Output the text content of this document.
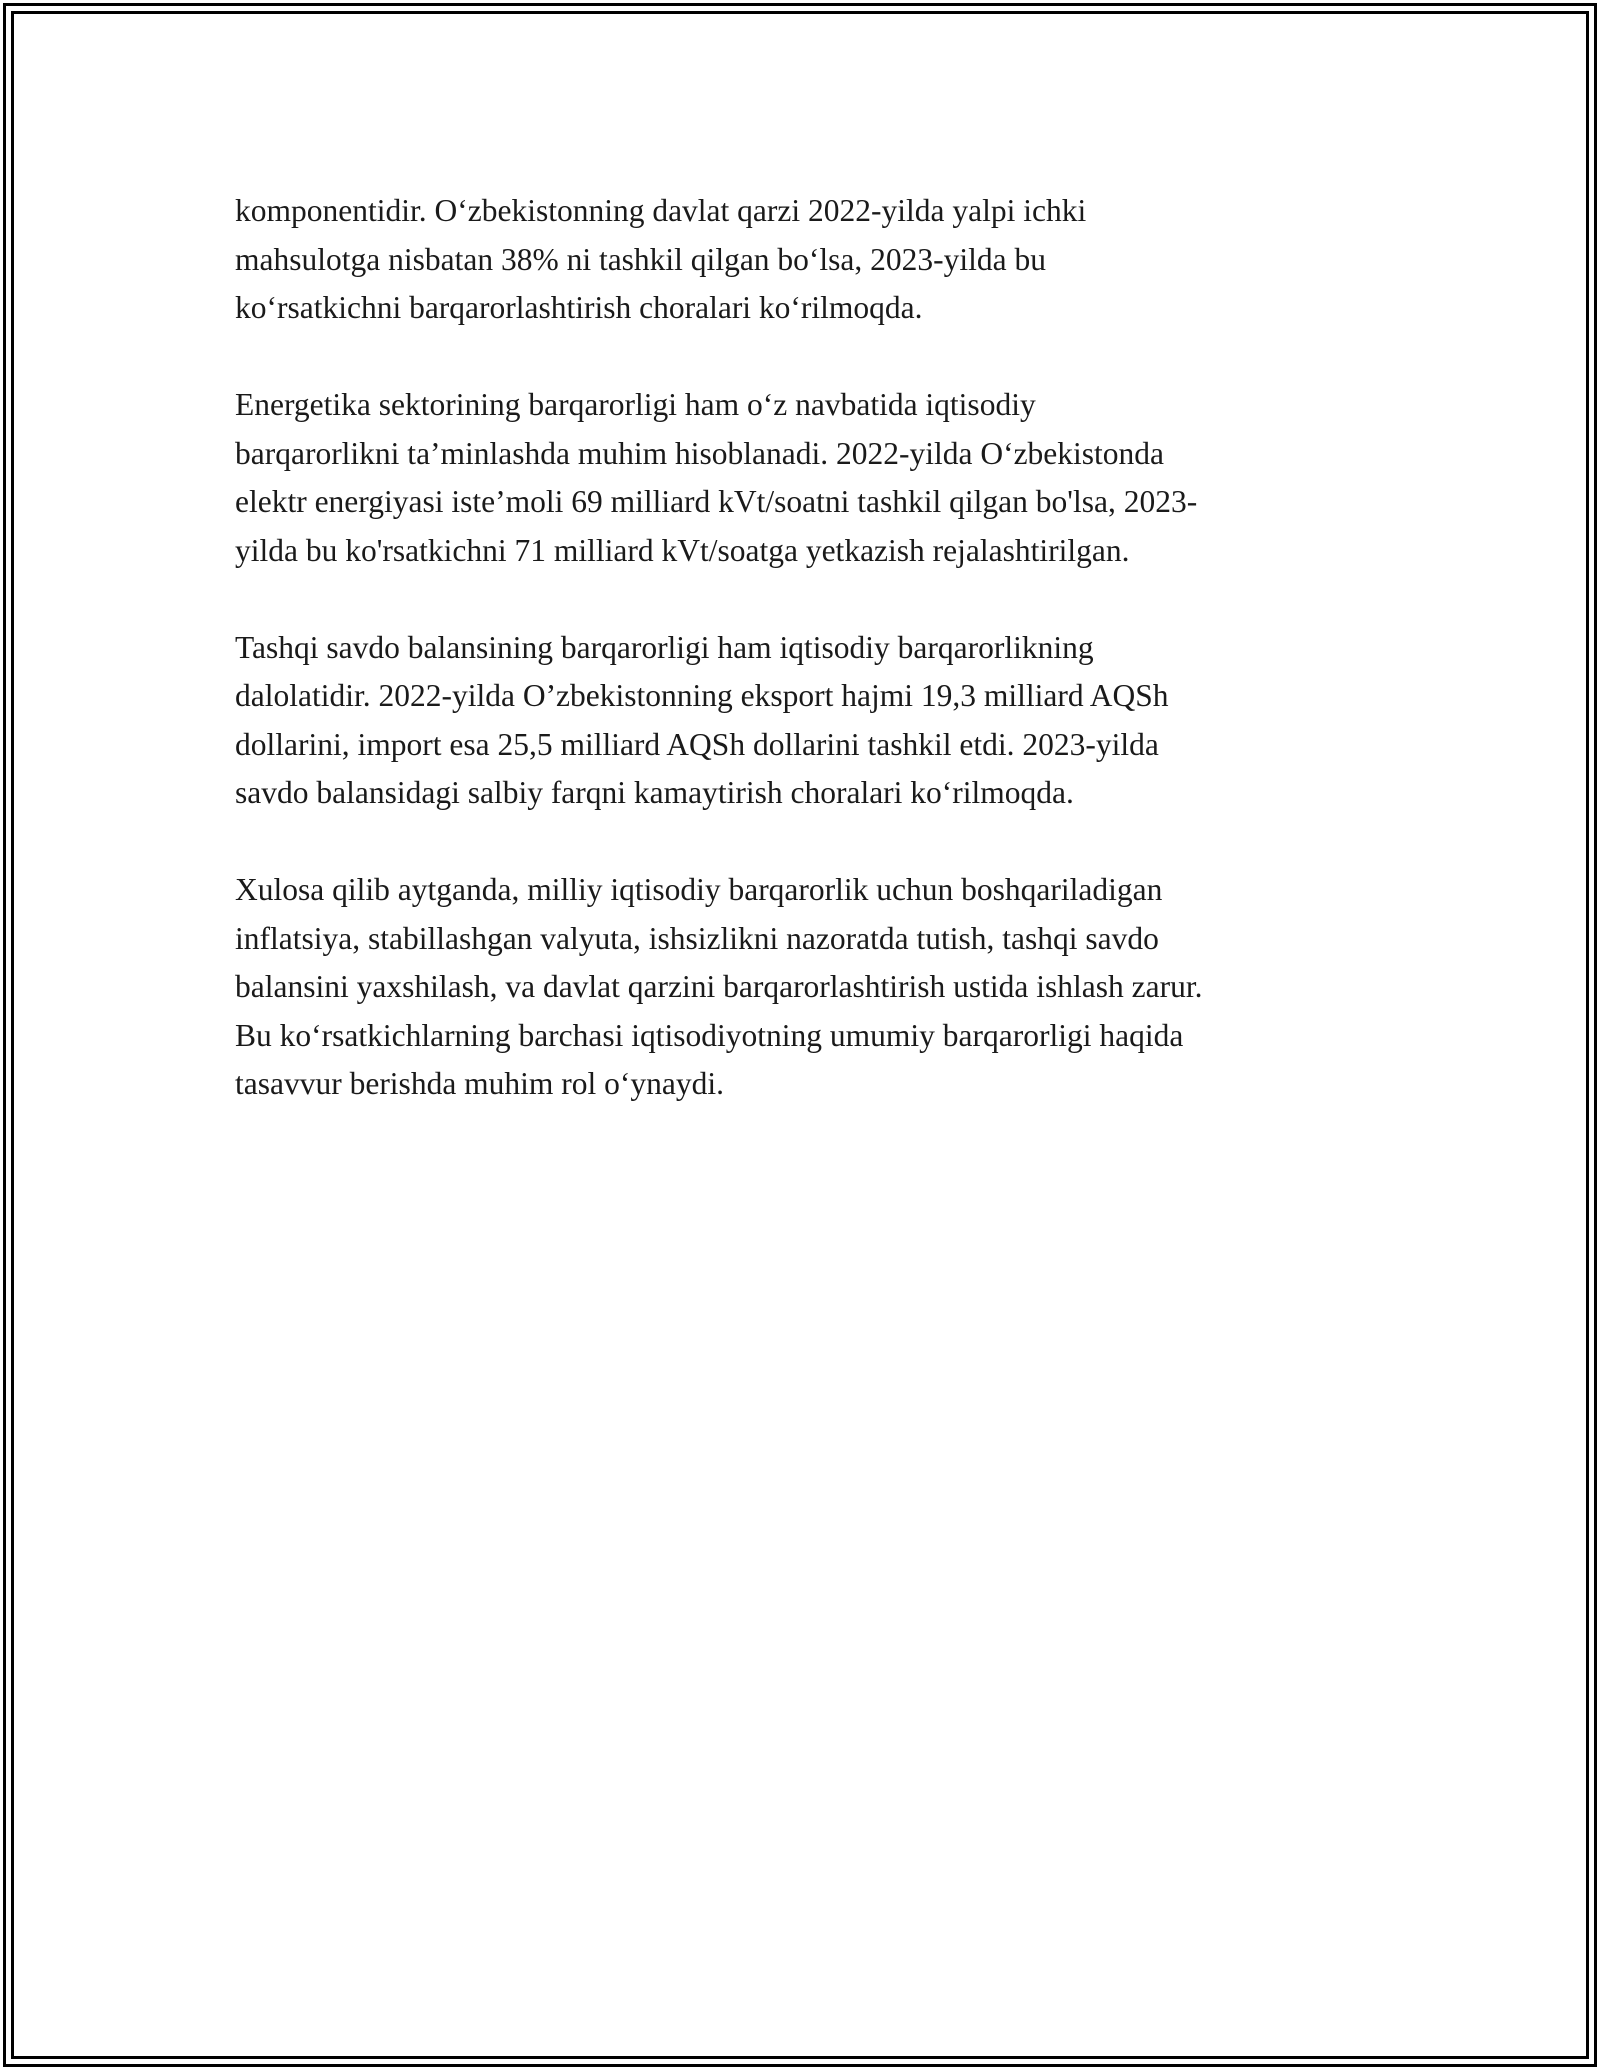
komponentidir. O‘zbekistonning davlat qarzi 2022-yilda yalpi ichki
mahsulotga nisbatan 38% ni tashkil qilgan bo‘lsa, 2023-yilda bu
ko‘rsatkichni barqarorlashtirish choralari ko‘rilmoqda.

Energetika sektorining barqarorligi ham o‘z navbatida iqtisodiy
barqarorlikni ta’minlashda muhim hisoblanadi. 2022-yilda O‘zbekistonda
elektr energiyasi iste’moli 69 milliard kVt/soatni tashkil qilgan bo'lsa, 2023-
yilda bu ko'rsatkichni 71 milliard kVt/soatga yetkazish rejalashtirilgan.

Tashqi savdo balansining barqarorligi ham iqtisodiy barqarorlikning
dalolatidir. 2022-yilda O’zbekistonning eksport hajmi 19,3 milliard AQSh
dollarini, import esa 25,5 milliard AQSh dollarini tashkil etdi. 2023-yilda
savdo balansidagi salbiy farqni kamaytirish choralari ko‘rilmoqda.

Xulosa qilib aytganda, milliy iqtisodiy barqarorlik uchun boshqariladigan
inflatsiya, stabillashgan valyuta, ishsizlikni nazoratda tutish, tashqi savdo
balansini yaxshilash, va davlat qarzini barqarorlashtirish ustida ishlash zarur.
Bu ko‘rsatkichlarning barchasi iqtisodiyotning umumiy barqarorligi haqida
tasavvur berishda muhim rol o‘ynaydi.
